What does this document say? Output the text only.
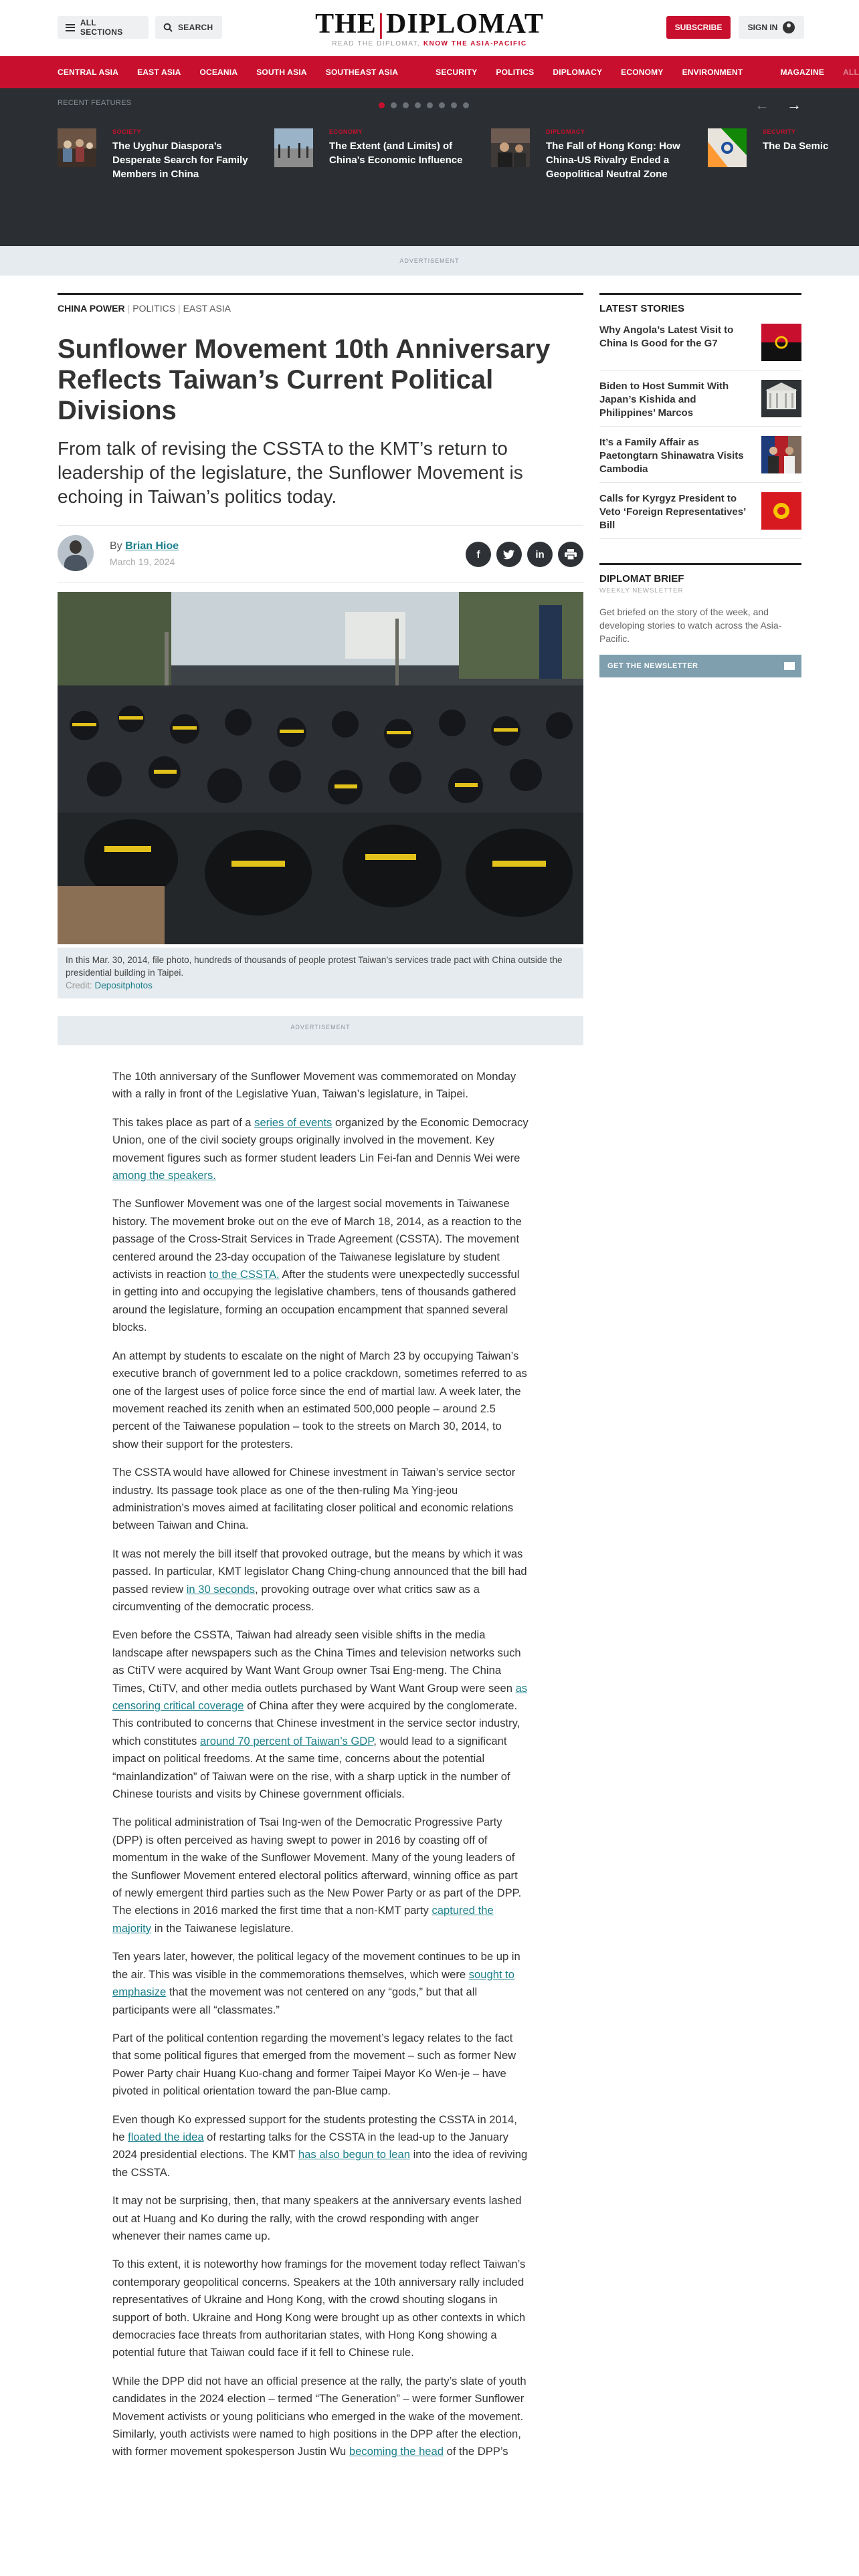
ALL SECTIONS	SEARCH	THE|DIPLOMAT
READ THE DIPLOMAT, KNOW THE ASIA-PACIFIC
SUBSCRIBE	SIGN IN
CENTRAL ASIA EAST ASIA OCEANIA SOUTH ASIA SOUTHEAST ASIA	SECURITY POLITICS DIPLOMACY ECONOMY ENVIRONMENT	MAGAZINE ALL
RECENT FEATURES	← →
SOCIETY
The Uyghur Diaspora’s Desperate Search for Family Members in China
ECONOMY
The Extent (and Limits) of China’s Economic Influence
DIPLOMACY
The Fall of Hong Kong: How China-US Rivalry Ended a Geopolitical Neutral Zone
SECURITY
The Da Semic
ADVERTISEMENT
CHINA POWER | POLITICS | EAST ASIA
Sunflower Movement 10th Anniversary Reflects Taiwan’s Current Political Divisions

From talk of revising the CSSTA to the KMT’s return to leadership of the legislature, the Sunflower Movement is echoing in Taiwan’s politics today.

By Brian Hioe
March 19, 2024
f	in
In this Mar. 30, 2014, file photo, hundreds of thousands of people protest Taiwan’s services trade pact with China outside the presidential building in Taipei.
Credit: Depositphotos
ADVERTISEMENT

The 10th anniversary of the Sunflower Movement was commemorated on Monday with a rally in front of the Legislative Yuan, Taiwan’s legislature, in Taipei.

This takes place as part of a series of events organized by the Economic Democracy Union, one of the civil society groups originally involved in the movement. Key movement figures such as former student leaders Lin Fei-fan and Dennis Wei were among the speakers.

The Sunflower Movement was one of the largest social movements in Taiwanese history. The movement broke out on the eve of March 18, 2014, as a reaction to the passage of the Cross-Strait Services in Trade Agreement (CSSTA). The movement centered around the 23-day occupation of the Taiwanese legislature by student activists in reaction to the CSSTA. After the students were unexpectedly successful in getting into and occupying the legislative chambers, tens of thousands gathered around the legislature, forming an occupation encampment that spanned several blocks.

An attempt by students to escalate on the night of March 23 by occupying Taiwan’s executive branch of government led to a police crackdown, sometimes referred to as one of the largest uses of police force since the end of martial law. A week later, the movement reached its zenith when an estimated 500,000 people – around 2.5 percent of the Taiwanese population – took to the streets on March 30, 2014, to show their support for the protesters.

The CSSTA would have allowed for Chinese investment in Taiwan’s service sector industry. Its passage took place as one of the then-ruling Ma Ying-jeou administration’s moves aimed at facilitating closer political and economic relations between Taiwan and China.

It was not merely the bill itself that provoked outrage, but the means by which it was passed. In particular, KMT legislator Chang Ching-chung announced that the bill had passed review in 30 seconds, provoking outrage over what critics saw as a circumventing of the democratic process.

Even before the CSSTA, Taiwan had already seen visible shifts in the media landscape after newspapers such as the China Times and television networks such as CtiTV were acquired by Want Want Group owner Tsai Eng-meng. The China Times, CtiTV, and other media outlets purchased by Want Want Group were seen as censoring critical coverage of China after they were acquired by the conglomerate. This contributed to concerns that Chinese investment in the service sector industry, which constitutes around 70 percent of Taiwan’s GDP, would lead to a significant impact on political freedoms. At the same time, concerns about the potential “mainlandization” of Taiwan were on the rise, with a sharp uptick in the number of Chinese tourists and visits by Chinese government officials.

The political administration of Tsai Ing-wen of the Democratic Progressive Party (DPP) is often perceived as having swept to power in 2016 by coasting off of momentum in the wake of the Sunflower Movement. Many of the young leaders of the Sunflower Movement entered electoral politics afterward, winning office as part of newly emergent third parties such as the New Power Party or as part of the DPP. The elections in 2016 marked the first time that a non-KMT party captured the majority in the Taiwanese legislature.

Ten years later, however, the political legacy of the movement continues to be up in the air. This was visible in the commemorations themselves, which were sought to emphasize that the movement was not centered on any “gods,” but that all participants were all “classmates.”

Part of the political contention regarding the movement’s legacy relates to the fact that some political figures that emerged from the movement – such as former New Power Party chair Huang Kuo-chang and former Taipei Mayor Ko Wen-je – have pivoted in political orientation toward the pan-Blue camp.

Even though Ko expressed support for the students protesting the CSSTA in 2014, he floated the idea of restarting talks for the CSSTA in the lead-up to the January 2024 presidential elections. The KMT has also begun to lean into the idea of reviving the CSSTA.

It may not be surprising, then, that many speakers at the anniversary events lashed out at Huang and Ko during the rally, with the crowd responding with anger whenever their names came up.

To this extent, it is noteworthy how framings for the movement today reflect Taiwan’s contemporary geopolitical concerns. Speakers at the 10th anniversary rally included representatives of Ukraine and Hong Kong, with the crowd shouting slogans in support of both. Ukraine and Hong Kong were brought up as other contexts in which democracies face threats from authoritarian states, with Hong Kong showing a potential future that Taiwan could face if it fell to Chinese rule.

While the DPP did not have an official presence at the rally, the party’s slate of youth candidates in the 2024 election – termed “The Generation” – were former Sunflower Movement activists or young politicians who emerged in the wake of the movement. Similarly, youth activists were named to high positions in the DPP after the election, with former movement spokesperson Justin Wu becoming the head of the DPP’s

LATEST STORIES
Why Angola’s Latest Visit to China Is Good for the G7
Biden to Host Summit With Japan’s Kishida and Philippines’ Marcos
It’s a Family Affair as Paetongtarn Shinawatra Visits Cambodia
Calls for Kyrgyz President to Veto ‘Foreign Representatives’ Bill
DIPLOMAT BRIEF
WEEKLY NEWSLETTER
Get briefed on the story of the week, and developing stories to watch across the Asia-Pacific.
GET THE NEWSLETTER
